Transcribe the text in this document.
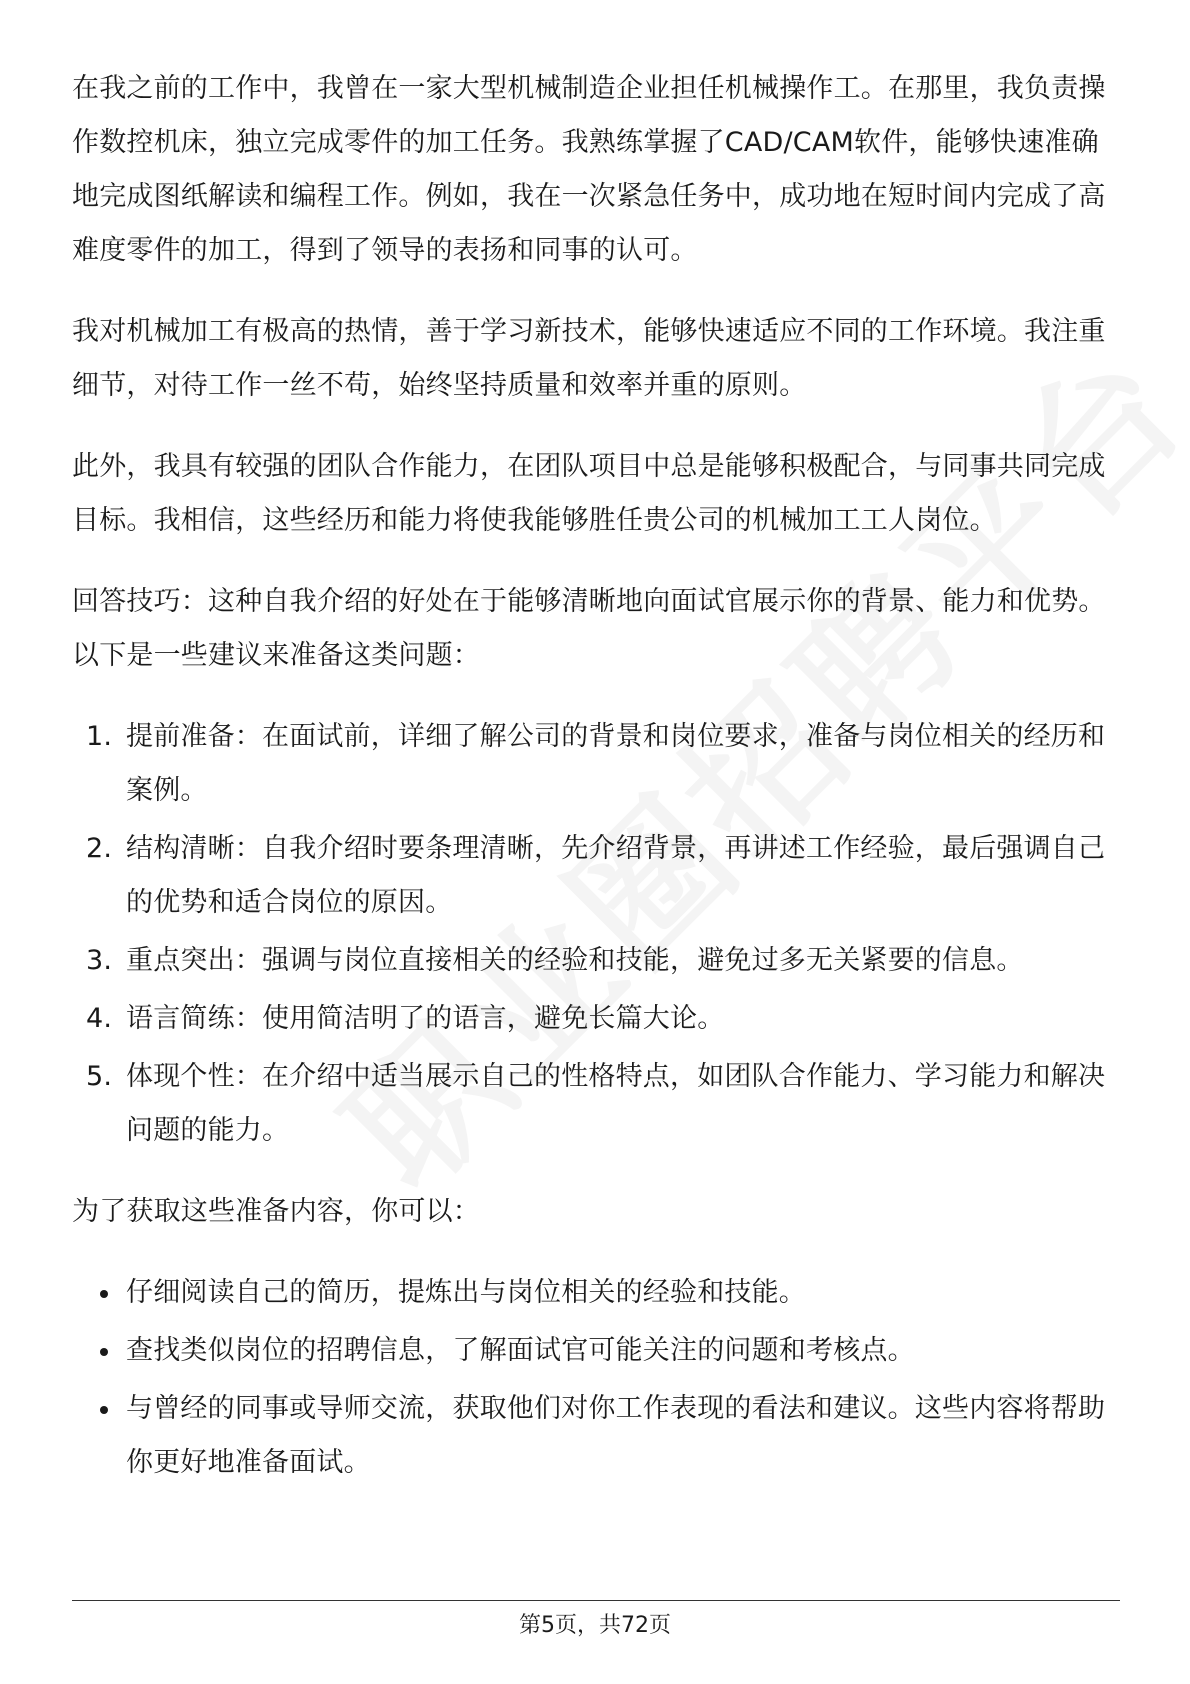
在我之前的工作中，我曾在一家大型机械制造企业担任机械操作工。在那里，我负责操作数控机床，独立完成零件的加工任务。我熟练掌握了CAD/CAM软件，能够快速准确地完成图纸解读和编程工作。例如，我在一次紧急任务中，成功地在短时间内完成了高难度零件的加工，得到了领导的表扬和同事的认可。

我对机械加工有极高的热情，善于学习新技术，能够快速适应不同的工作环境。我注重细节，对待工作一丝不苟，始终坚持质量和效率并重的原则。

此外，我具有较强的团队合作能力，在团队项目中总是能够积极配合，与同事共同完成目标。我相信，这些经历和能力将使我能够胜任贵公司的机械加工工人岗位。

回答技巧：这种自我介绍的好处在于能够清晰地向面试官展示你的背景、能力和优势。以下是一些建议来准备这类问题：

1. 提前准备：在面试前，详细了解公司的背景和岗位要求，准备与岗位相关的经历和案例。
2. 结构清晰：自我介绍时要条理清晰，先介绍背景，再讲述工作经验，最后强调自己的优势和适合岗位的原因。
3. 重点突出：强调与岗位直接相关的经验和技能，避免过多无关紧要的信息。
4. 语言简练：使用简洁明了的语言，避免长篇大论。
5. 体现个性：在介绍中适当展示自己的性格特点，如团队合作能力、学习能力和解决问题的能力。

为了获取这些准备内容，你可以：

仔细阅读自己的简历，提炼出与岗位相关的经验和技能。
查找类似岗位的招聘信息，了解面试官可能关注的问题和考核点。
与曾经的同事或导师交流，获取他们对你工作表现的看法和建议。这些内容将帮助你更好地准备面试。
第5页，共72页
